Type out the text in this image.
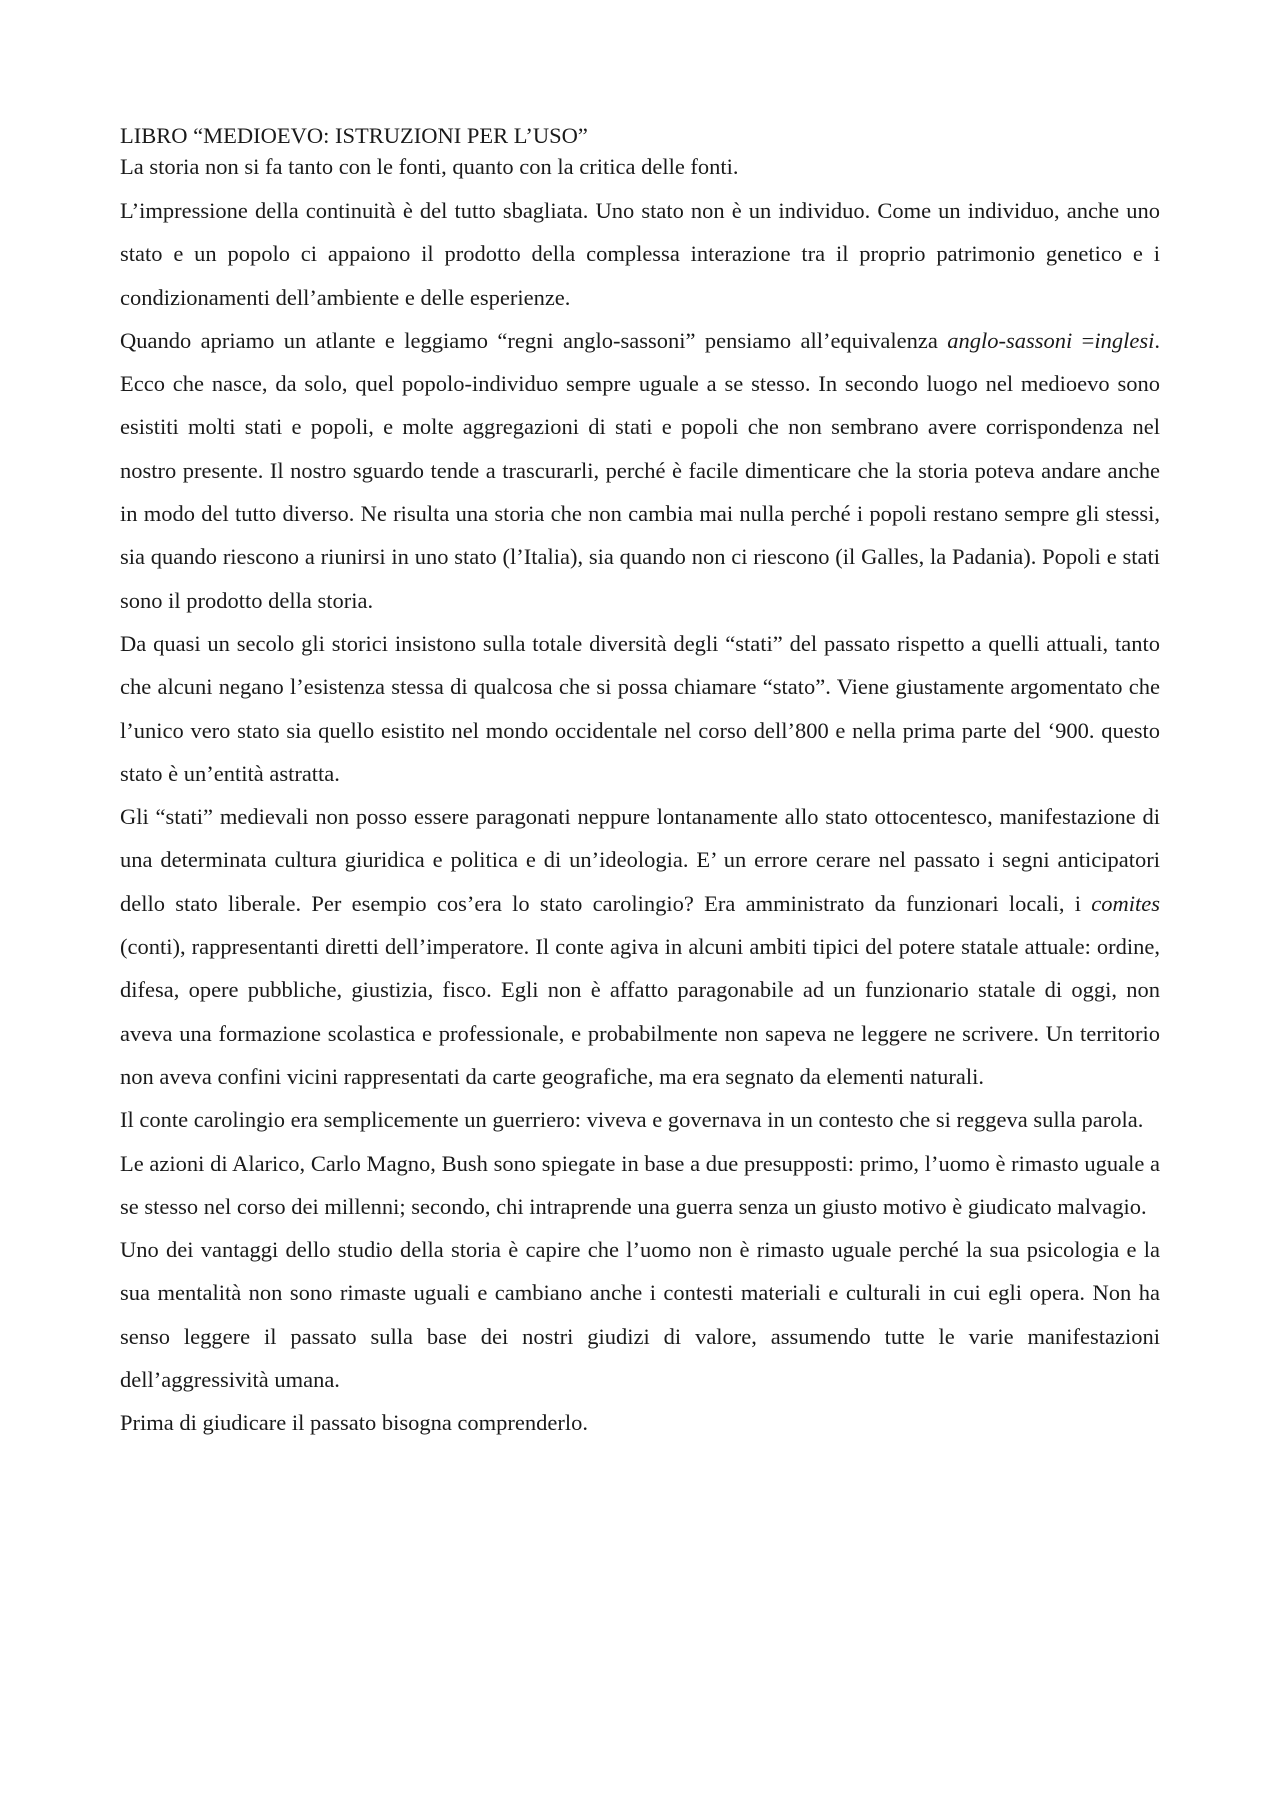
LIBRO “MEDIOEVO: ISTRUZIONI PER L’USO”

La storia non si fa tanto con le fonti, quanto con la critica delle fonti.

L’impressione della continuità è del tutto sbagliata. Uno stato non è un individuo. Come un individuo, anche uno stato e un popolo ci appaiono il prodotto della complessa interazione tra il proprio patrimonio genetico e i condizionamenti dell’ambiente e delle esperienze.

Quando apriamo un atlante e leggiamo “regni anglo-sassoni” pensiamo all’equivalenza anglo-sassoni =inglesi. Ecco che nasce, da solo, quel popolo-individuo sempre uguale a se stesso. In secondo luogo nel medioevo sono esistiti molti stati e popoli, e molte aggregazioni di stati e popoli che non sembrano avere corrispondenza nel nostro presente. Il nostro sguardo tende a trascurarli, perché è facile dimenticare che la storia poteva andare anche in modo del tutto diverso. Ne risulta una storia che non cambia mai nulla perché i popoli restano sempre gli stessi, sia quando riescono a riunirsi in uno stato (l’Italia), sia quando non ci riescono (il Galles, la Padania). Popoli e stati sono il prodotto della storia.

Da quasi un secolo gli storici insistono sulla totale diversità degli “stati” del passato rispetto a quelli attuali, tanto che alcuni negano l’esistenza stessa di qualcosa che si possa chiamare “stato”. Viene giustamente argomentato che l’unico vero stato sia quello esistito nel mondo occidentale nel corso dell’800 e nella prima parte del ‘900. questo stato è un’entità astratta.

Gli “stati” medievali non posso essere paragonati neppure lontanamente allo stato ottocentesco, manifestazione di una determinata cultura giuridica e politica e di un’ideologia. E’ un errore cerare nel passato i segni anticipatori dello stato liberale. Per esempio cos’era lo stato carolingio? Era amministrato da funzionari locali, i comites (conti), rappresentanti diretti dell’imperatore. Il conte agiva in alcuni ambiti tipici del potere statale attuale: ordine, difesa, opere pubbliche, giustizia, fisco. Egli non è affatto paragonabile ad un funzionario statale di oggi, non aveva una formazione scolastica e professionale, e probabilmente non sapeva ne leggere ne scrivere. Un territorio non aveva confini vicini rappresentati da carte geografiche, ma era segnato da elementi naturali.

Il conte carolingio era semplicemente un guerriero: viveva e governava in un contesto che si reggeva sulla parola.

Le azioni di Alarico, Carlo Magno, Bush sono spiegate in base a due presupposti: primo, l’uomo è rimasto uguale a se stesso nel corso dei millenni; secondo, chi intraprende una guerra senza un giusto motivo è giudicato malvagio.

Uno dei vantaggi dello studio della storia è capire che l’uomo non è rimasto uguale perché la sua psicologia e la sua mentalità non sono rimaste uguali e cambiano anche i contesti materiali e culturali in cui egli opera. Non ha senso leggere il passato sulla base dei nostri giudizi di valore, assumendo tutte le varie manifestazioni dell’aggressività umana.

Prima di giudicare il passato bisogna comprenderlo.
